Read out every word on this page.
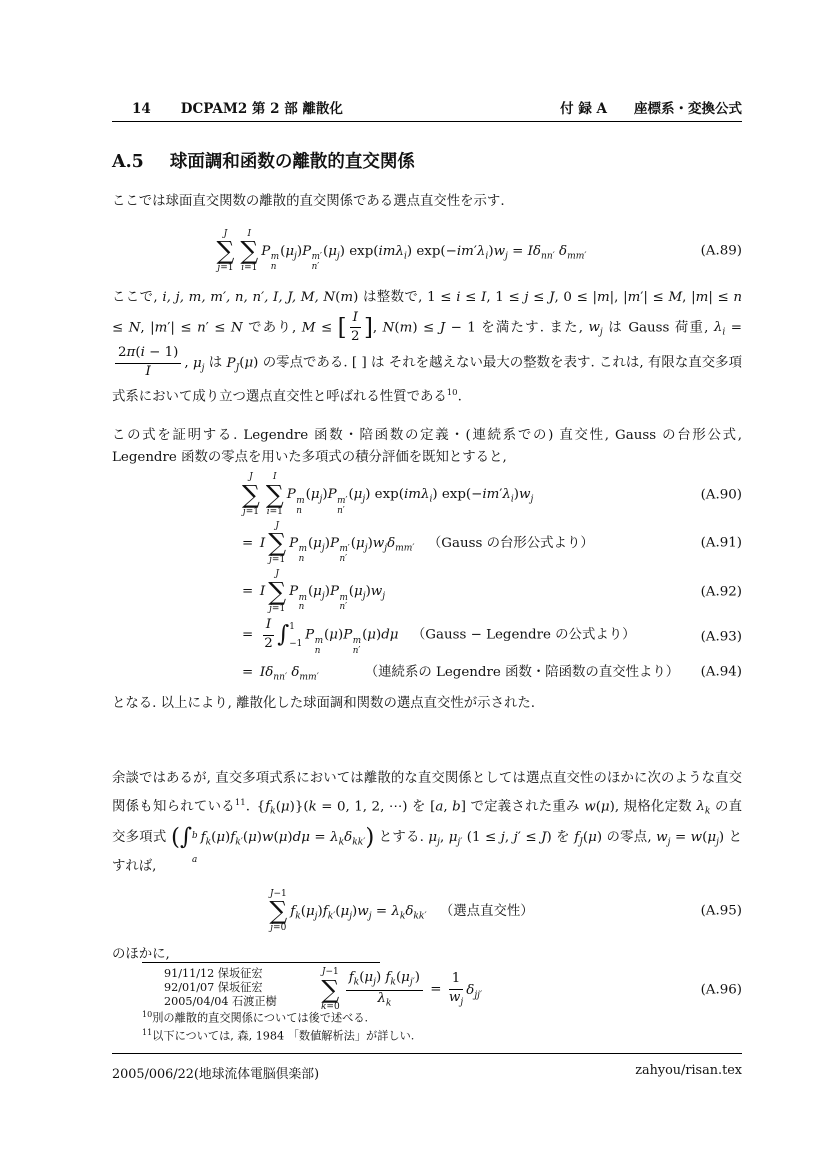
14 DCPAM2 第 2 部 離散化	付 録 A   座標系・変換公式
A.5 球面調和函数の離散的直交関係

ここでは球面直交関数の離散的直交関係である選点直交性を示す.

J
∑
j=1
I
∑
i=1
P m
n
$(\mu_j)P$ m′
n′
$(\mu_j)$ exp(imλ$_i$) $\exp(-im'\lambda_i)w_j = I\delta_{nn'}$ $\delta_{mm'}$	(A.89)

ここで, i, j, m, m′, n, n′, I, J, M, N(m) は整数で, 1 ≤ i ≤ I, 1 ≤ j ≤ J, 0 ≤ |m|, |m′| ≤ M, |m| ≤ n ≤ N, |m′| ≤ n′ ≤ N であり, M ≤ [ $\frac{I}{2}$ ], N(m) ≤ J − 1 を満たす. また, $w_j$ は Gauss 荷重, $\lambda_i$ =
$\frac{2\pi(i - 1)}{I}$ , $\mu_j$ は $P_J(\mu)$ の零点である. [ ] は それを越えない最大の整数を表す. これは, 有限な直交多項式系において成り立つ選点直交性と呼ばれる性質である$^{10}$.

この式を証明する. Legendre 函数・陪函数の定義・(連続系での) 直交性, Gauss の台形公式, Legendre 函数の零点を用いた多項式の積分評価を既知とすると,

J
∑
j=1
I
∑
i=1
P m
n
$(\mu_j)P$ m′
n′
$(\mu_j)$ exp(imλ$_i$) $\exp(-im'\lambda_i)w_j$	(A.90)
= I
J
∑
j=1
P m
n
$(\mu_j)P$ m′
n′
$(\mu_j)w_j\delta_{mm'}$  （Gauss の台形公式より）	(A.91)
= I
J
∑
j=1
P m
n
$(\mu_j)P$ m
n′
$(\mu_j)w_j$	(A.92)
=  $\frac{I}{2}$ ∫ 1
−1
P m
n
(μ)P m
n′
(μ)dμ  （Gauss − Legendre の公式より）	(A.93)
= $I\delta_{nn'}$ $\delta_{mm'}$	（連続系の Legendre 函数・陪函数の直交性より） (A.94)

となる. 以上により, 離散化した球面調和関数の選点直交性が示された.

余談ではあるが, 直交多項式系においては離散的な直交関係としては選点直交性のほかに次のような直交関係も知られている$^{11}$. $\{f_k(\mu)\}(k = 0$, 1, 2, ⋯) を [a, b] で定義された重み w(μ), 規格化定数 $\lambda_k$ の直交多項式 (∫ b
a
$f_k(\mu)f_{k'}(\mu)w(\mu)d\mu = \lambda_k\delta_{kk'}$) とする. $\mu_j$, $\mu_{j'}$ (1 ≤ j, j′ ≤ J) を $f_J(\mu)$ の零点, $w_j = w(\mu_j)$ とすれば,

J−1
∑
j=0
$f_k(\mu_j)f_{k'}(\mu_j)w_j = \lambda_k\delta_{kk'}$  （選点直交性）	(A.95)

のほかに,

J−1
∑
$k=0 \frac{f_k(\mu_j) f_k(\mu_{j'})}{\lambda_k} = \frac{1}{w_j} \delta_{jj'}$	(A.96)
91/11/12 保坂征宏
92/01/07 保坂征宏
2005/04/04 石渡正樹
$^{10}$別の離散的直交関係については後で述べる.
$^{11}$以下については, 森, 1984 「数値解析法」が詳しい.
2005/006/22(地球流体電脳倶楽部)	zahyou/risan.tex
